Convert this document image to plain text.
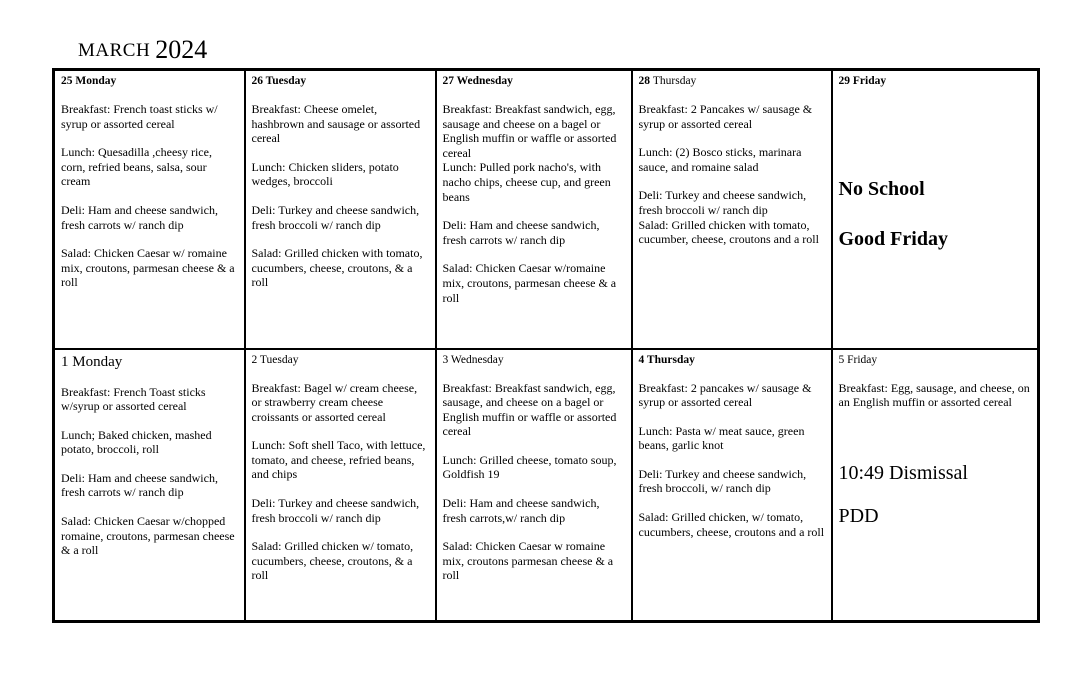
MARCH 2024
25 Monday

Breakfast: French toast sticks w/ syrup or assorted cereal

Lunch: Quesadilla ,cheesy rice, corn, refried beans, salsa, sour cream

Deli: Ham and cheese sandwich, fresh carrots w/ ranch dip

Salad: Chicken Caesar w/ romaine mix, croutons, parmesan cheese & a roll

26 Tuesday

Breakfast: Cheese omelet, hashbrown and sausage or assorted cereal

Lunch: Chicken sliders, potato wedges, broccoli

Deli: Turkey and cheese sandwich, fresh broccoli w/ ranch dip

Salad: Grilled chicken with tomato, cucumbers, cheese, croutons, & a roll

27 Wednesday

Breakfast: Breakfast sandwich, egg, sausage and cheese on a bagel or English muffin or waffle or assorted cereal

Lunch: Pulled pork nacho's, with nacho chips, cheese cup, and green beans

Deli: Ham and cheese sandwich, fresh carrots w/ ranch dip

Salad: Chicken Caesar w/romaine mix, croutons, parmesan cheese & a roll

28 Thursday

Breakfast: 2 Pancakes w/ sausage & syrup or assorted cereal

Lunch: (2) Bosco sticks, marinara sauce, and romaine salad

Deli: Turkey and cheese sandwich, fresh broccoli w/ ranch dip

Salad: Grilled chicken with tomato, cucumber, cheese, croutons and a roll

29 Friday

No School

Good Friday

1 Monday

Breakfast: French Toast sticks w/syrup or assorted cereal

Lunch; Baked chicken, mashed potato, broccoli, roll

Deli: Ham and cheese sandwich, fresh carrots w/ ranch dip

Salad: Chicken Caesar w/chopped romaine, croutons, parmesan cheese & a roll

2 Tuesday

Breakfast: Bagel w/ cream cheese, or strawberry cream cheese croissants or assorted cereal

Lunch: Soft shell Taco, with lettuce, tomato, and cheese, refried beans, and chips

Deli: Turkey and cheese sandwich, fresh broccoli w/ ranch dip

Salad: Grilled chicken w/ tomato, cucumbers, cheese, croutons, & a roll

3 Wednesday

Breakfast: Breakfast sandwich, egg, sausage, and cheese on a bagel or English muffin or waffle or assorted cereal

Lunch: Grilled cheese, tomato soup, Goldfish 19

Deli: Ham and cheese sandwich, fresh carrots,w/ ranch dip

Salad: Chicken Caesar w romaine mix, croutons parmesan cheese & a roll

4 Thursday

Breakfast: 2 pancakes w/ sausage & syrup or assorted cereal

Lunch: Pasta w/ meat sauce, green beans, garlic knot

Deli: Turkey and cheese sandwich, fresh broccoli, w/ ranch dip

Salad: Grilled chicken, w/ tomato, cucumbers, cheese, croutons and a roll

5 Friday

Breakfast: Egg, sausage, and cheese, on an English muffin or assorted cereal

10:49 Dismissal

PDD
